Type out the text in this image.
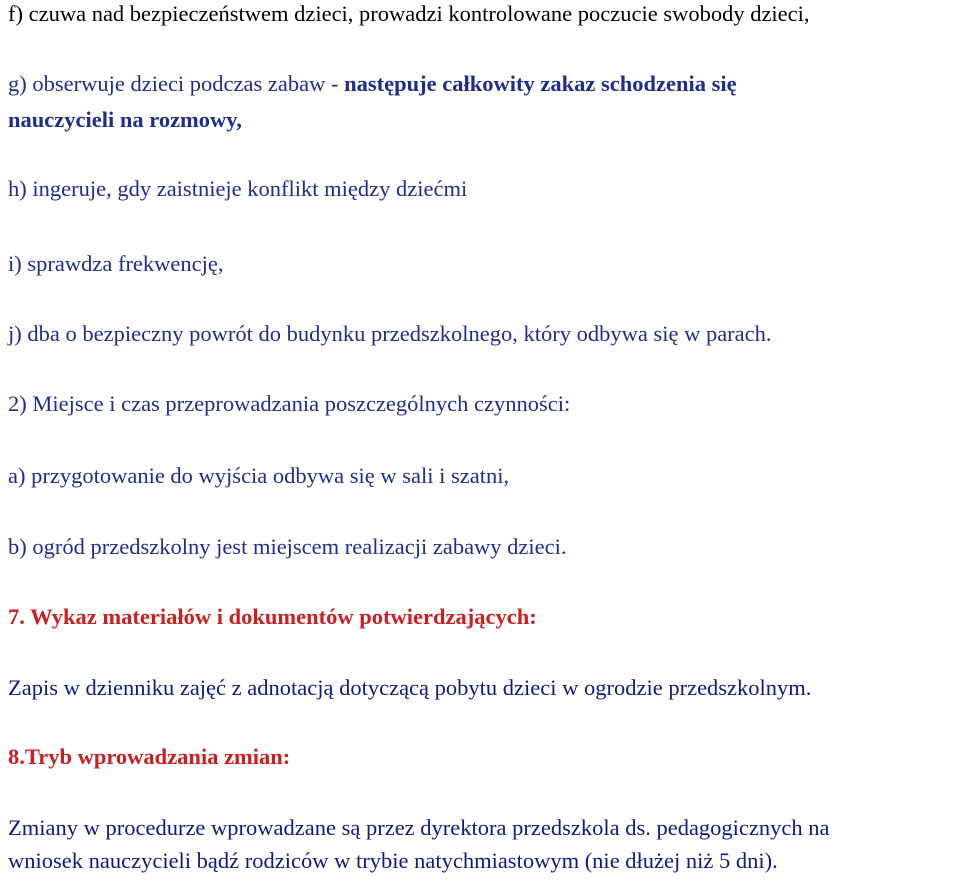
f) czuwa nad bezpieczeństwem dzieci, prowadzi kontrolowane poczucie swobody dzieci,
g) obserwuje dzieci podczas zabaw - następuje całkowity zakaz schodzenia się
nauczycieli na rozmowy,
h) ingeruje, gdy zaistnieje konflikt między dziećmi
i) sprawdza frekwencję,
j) dba o bezpieczny powrót do budynku przedszkolnego, który odbywa się w parach.
2) Miejsce i czas przeprowadzania poszczególnych czynności:
a) przygotowanie do wyjścia odbywa się w sali i szatni,
b) ogród przedszkolny jest miejscem realizacji zabawy dzieci.
7. Wykaz materiałów i dokumentów potwierdzających:
Zapis w dzienniku zajęć z adnotacją dotyczącą pobytu dzieci w ogrodzie przedszkolnym.
8.Tryb wprowadzania zmian:
Zmiany w procedurze wprowadzane są przez dyrektora przedszkola ds. pedagogicznych na
wniosek nauczycieli bądź rodziców w trybie natychmiastowym (nie dłużej niż 5 dni).
